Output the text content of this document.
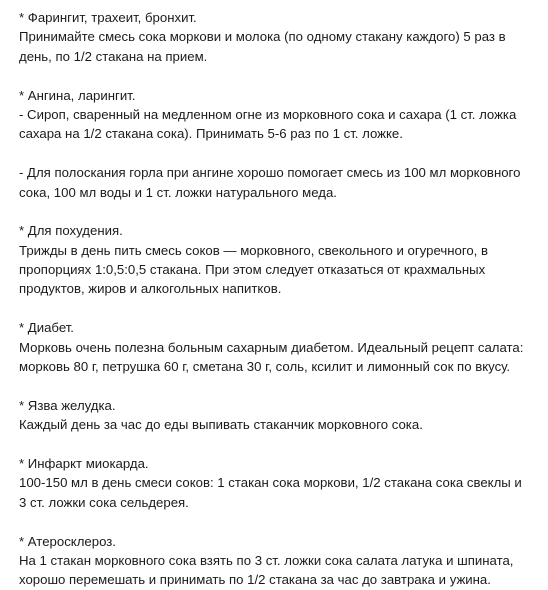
* Фарингит, трахеит, бронхит.
Принимайте смесь сока моркови и молока (по одному стакану каждого) 5 раз в
день, по 1/2 стакана на прием.
* Ангина, ларингит.
- Сироп, сваренный на медленном огне из морковного сока и сахара (1 ст. ложка
сахара на 1/2 стакана сока). Принимать 5-6 раз по 1 ст. ложке.
- Для полоскания горла при ангине хорошо помогает смесь из 100 мл морковного
сока, 100 мл воды и 1 ст. ложки натурального меда.
* Для похудения.
Трижды в день пить смесь соков — морковного, свекольного и огуречного, в
пропорциях 1:0,5:0,5 стакана. При этом следует отказаться от крахмальных
продуктов, жиров и алкогольных напитков.
* Диабет.
Морковь очень полезна больным сахарным диабетом. Идеальный рецепт салата:
морковь 80 г, петрушка 60 г, сметана 30 г, соль, ксилит и лимонный сок по вкусу.
* Язва желудка.
Каждый день за час до еды выпивать стаканчик морковного сока.
* Инфаркт миокарда.
100-150 мл в день смеси соков: 1 стакан сока моркови, 1/2 стакана сока свеклы и
3 ст. ложки сока сельдерея.
* Атеросклероз.
На 1 стакан морковного сока взять по 3 ст. ложки сока салата латука и шпината,
хорошо перемешать и принимать по 1/2 стакана за час до завтрака и ужина.
